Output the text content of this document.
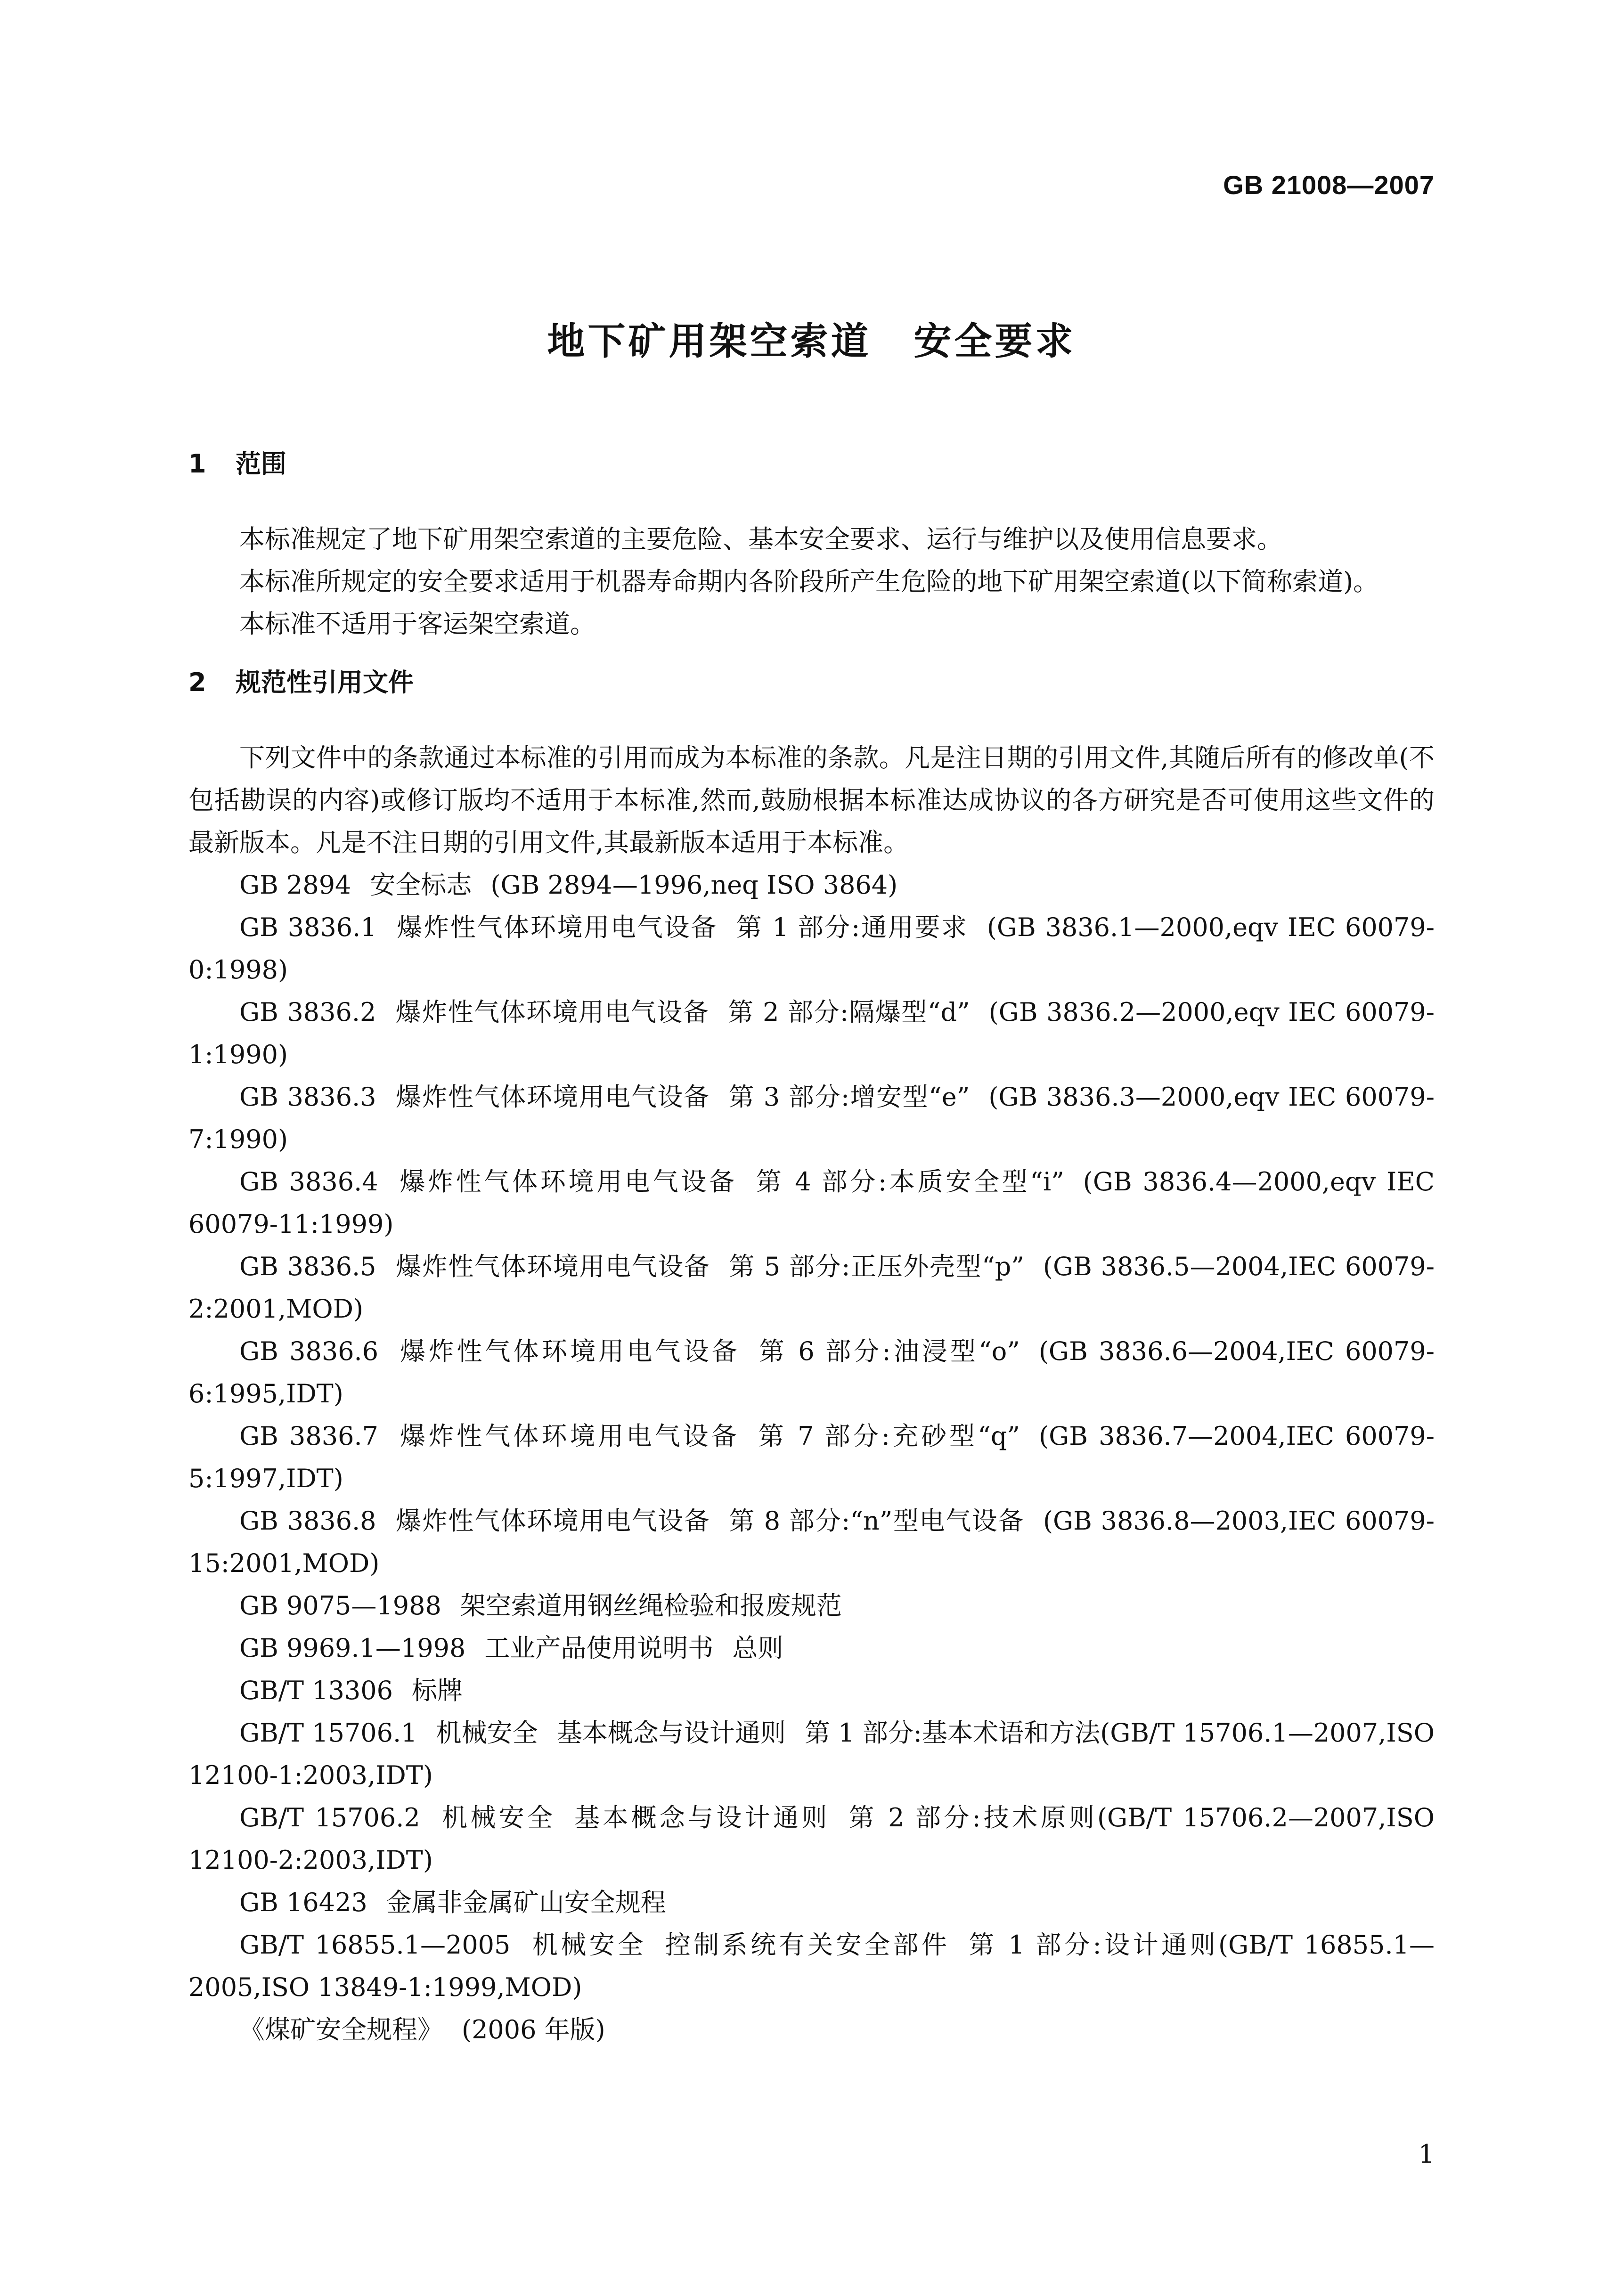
GB 21008—2007
地下矿用架空索道 安全要求
1 范围

本标准规定了地下矿用架空索道的主要危险、基本安全要求、运行与维护以及使用信息要求。

本标准所规定的安全要求适用于机器寿命期内各阶段所产生危险的地下矿用架空索道(以下简称索道)。

本标准不适用于客运架空索道。

2 规范性引用文件

下列文件中的条款通过本标准的引用而成为本标准的条款。凡是注日期的引用文件,其随后所有的修改单(不包括勘误的内容)或修订版均不适用于本标准,然而,鼓励根据本标准达成协议的各方研究是否可使用这些文件的最新版本。凡是不注日期的引用文件,其最新版本适用于本标准。

GB 2894 安全标志 (GB 2894—1996,neq ISO 3864)

GB 3836.1 爆炸性气体环境用电气设备 第 1 部分:通用要求 (GB 3836.1—2000,eqv IEC 60079-0:1998)

GB 3836.2 爆炸性气体环境用电气设备 第 2 部分:隔爆型“d” (GB 3836.2—2000,eqv IEC 60079-1:1990)

GB 3836.3 爆炸性气体环境用电气设备 第 3 部分:增安型“e” (GB 3836.3—2000,eqv IEC 60079-7:1990)

GB 3836.4 爆炸性气体环境用电气设备 第 4 部分:本质安全型“i” (GB 3836.4—2000,eqv IEC 60079-11:1999)

GB 3836.5 爆炸性气体环境用电气设备 第 5 部分:正压外壳型“p” (GB 3836.5—2004,IEC 60079-2:2001,MOD)

GB 3836.6 爆炸性气体环境用电气设备 第 6 部分:油浸型“o” (GB 3836.6—2004,IEC 60079-6:1995,IDT)

GB 3836.7 爆炸性气体环境用电气设备 第 7 部分:充砂型“q” (GB 3836.7—2004,IEC 60079-5:1997,IDT)

GB 3836.8 爆炸性气体环境用电气设备 第 8 部分:“n”型电气设备 (GB 3836.8—2003,IEC 60079-15:2001,MOD)

GB 9075—1988 架空索道用钢丝绳检验和报废规范

GB 9969.1—1998 工业产品使用说明书 总则

GB/T 13306 标牌

GB/T 15706.1 机械安全 基本概念与设计通则 第 1 部分:基本术语和方法(GB/T 15706.1—2007,ISO 12100-1:2003,IDT)

GB/T 15706.2 机械安全 基本概念与设计通则 第 2 部分:技术原则(GB/T 15706.2—2007,ISO 12100-2:2003,IDT)

GB 16423 金属非金属矿山安全规程

GB/T 16855.1—2005 机械安全 控制系统有关安全部件 第 1 部分:设计通则(GB/T 16855.1—2005,ISO 13849-1:1999,MOD)

《煤矿安全规程》 (2006 年版)

1
